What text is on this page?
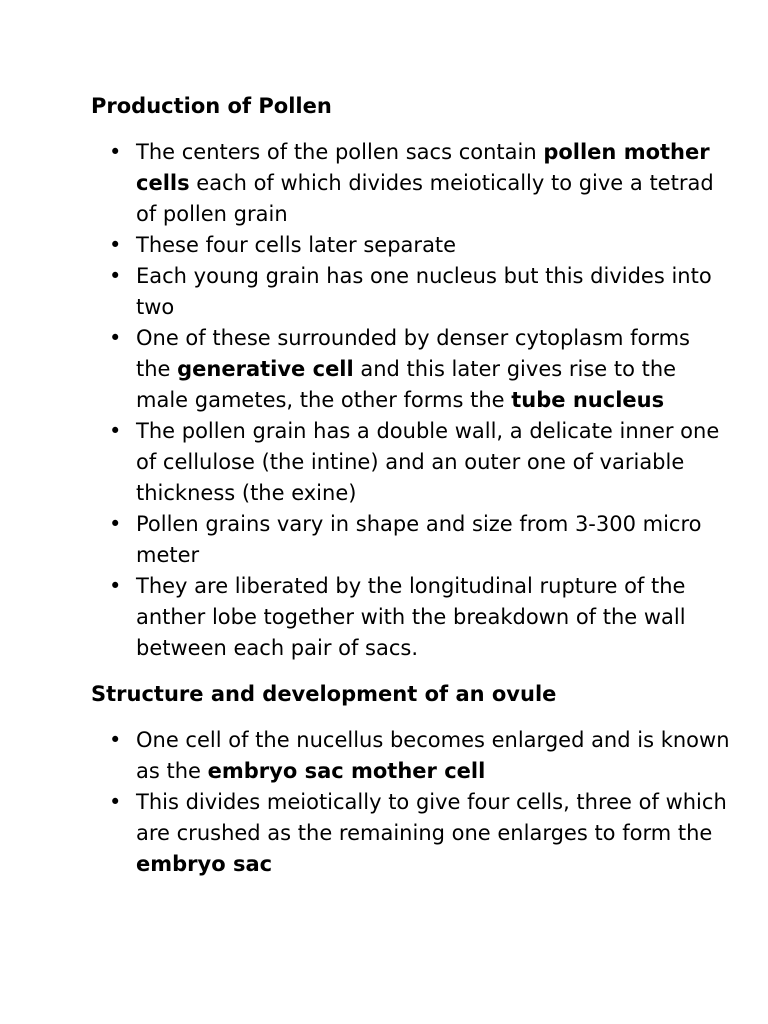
Production of Pollen
• The centers of the pollen sacs contain pollen mother cells each of which divides meiotically to give a tetrad of pollen grain
• These four cells later separate
• Each young grain has one nucleus but this divides into two
• One of these surrounded by denser cytoplasm forms the generative cell and this later gives rise to the male gametes, the other forms the tube nucleus
• The pollen grain has a double wall, a delicate inner one of cellulose (the intine) and an outer one of variable thickness (the exine)
• Pollen grains vary in shape and size from 3-300 micro meter
• They are liberated by the longitudinal rupture of the anther lobe together with the breakdown of the wall between each pair of sacs.
Structure and development of an ovule
• One cell of the nucellus becomes enlarged and is known as the embryo sac mother cell
• This divides meiotically to give four cells, three of which are crushed as the remaining one enlarges to form the embryo sac
